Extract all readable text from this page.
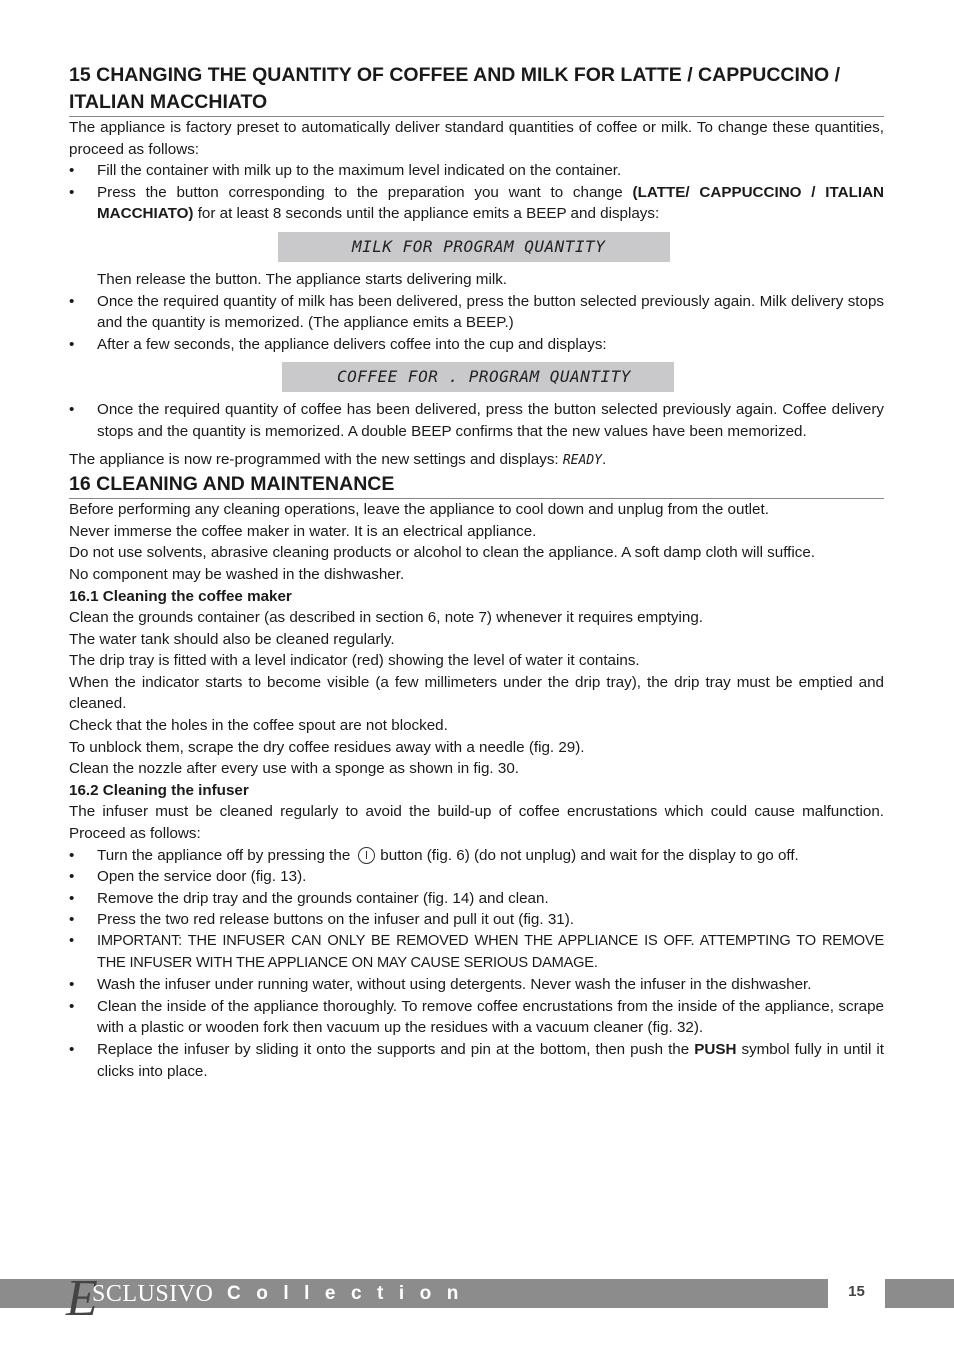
15 CHANGING THE QUANTITY OF COFFEE AND MILK FOR LATTE / CAPPUCCINO / ITALIAN MACCHIATO

The appliance is factory preset to automatically deliver standard quantities of coffee or milk. To change these quantities, proceed as follows:

• Fill the container with milk up to the maximum level indicated on the container.
• Press the button corresponding to the preparation you want to change (LATTE/ CAPPUCCINO / ITALIAN MACCHIATO) for at least 8 seconds until the appliance emits a BEEP and displays:
MILK FOR PROGRAM QUANTITY

Then release the button. The appliance starts delivering milk.

• Once the required quantity of milk has been delivered, press the button selected previously again. Milk delivery stops and the quantity is memorized. (The appliance emits a BEEP.)
• After a few seconds, the appliance delivers coffee into the cup and displays:
COFFEE FOR . PROGRAM QUANTITY
• Once the required quantity of coffee has been delivered, press the button selected previously again. Coffee delivery stops and the quantity is memorized. A double BEEP confirms that the new values have been memorized.

The appliance is now re-programmed with the new settings and displays: READY.

16 CLEANING AND MAINTENANCE

Before performing any cleaning operations, leave the appliance to cool down and unplug from the outlet.

Never immerse the coffee maker in water. It is an electrical appliance.

Do not use solvents, abrasive cleaning products or alcohol to clean the appliance. A soft damp cloth will suffice.

No component may be washed in the dishwasher.

16.1 Cleaning the coffee maker

Clean the grounds container (as described in section 6, note 7) whenever it requires emptying.

The water tank should also be cleaned regularly.

The drip tray is fitted with a level indicator (red) showing the level of water it contains.

When the indicator starts to become visible (a few millimeters under the drip tray), the drip tray must be emptied and cleaned.

Check that the holes in the coffee spout are not blocked.

To unblock them, scrape the dry coffee residues away with a needle (fig. 29).

Clean the nozzle after every use with a sponge as shown in fig. 30.

16.2 Cleaning the infuser

The infuser must be cleaned regularly to avoid the build-up of coffee encrustations which could cause malfunction. Proceed as follows:

• Turn the appliance off by pressing the button (fig. 6) (do not unplug) and wait for the display to go off.
• Open the service door (fig. 13).
• Remove the drip tray and the grounds container (fig. 14) and clean.
• Press the two red release buttons on the infuser and pull it out (fig. 31).
• IMPORTANT: THE INFUSER CAN ONLY BE REMOVED WHEN THE APPLIANCE IS OFF. ATTEMPTING TO REMOVE THE INFUSER WITH THE APPLIANCE ON MAY CAUSE SERIOUS DAMAGE.
• Wash the infuser under running water, without using detergents. Never wash the infuser in the dishwasher.
• Clean the inside of the appliance thoroughly. To remove coffee encrustations from the inside of the appliance, scrape with a plastic or wooden fork then vacuum up the residues with a vacuum cleaner (fig. 32).
• Replace the infuser by sliding it onto the supports and pin at the bottom, then push the PUSH symbol fully in until it clicks into place.
E
SCLUSIVO Collection	15
